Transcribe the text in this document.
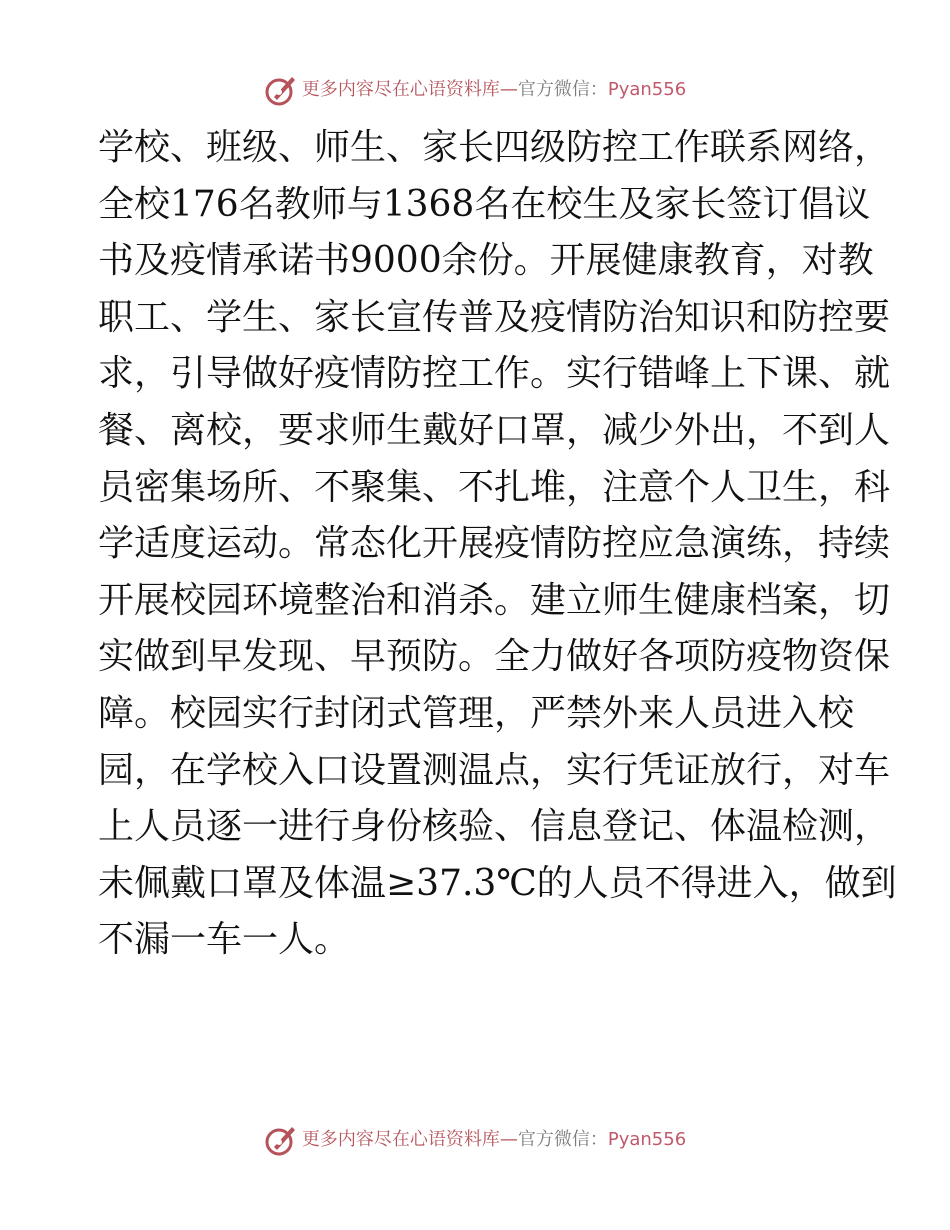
更多内容尽在心语资料库 — 官方微信： Pyan556
学校、班级、师生、家长四级防控工作联系网络，
全校176名教师与1368名在校生及家长签订倡议
书及疫情承诺书9000余份。开展健康教育，对教
职工、学生、家长宣传普及疫情防治知识和防控要
求，引导做好疫情防控工作。实行错峰上下课、就
餐、离校，要求师生戴好口罩，减少外出，不到人
员密集场所、不聚集、不扎堆，注意个人卫生，科
学适度运动。常态化开展疫情防控应急演练，持续
开展校园环境整治和消杀。建立师生健康档案，切
实做到早发现、早预防。全力做好各项防疫物资保
障。校园实行封闭式管理，严禁外来人员进入校
园，在学校入口设置测温点，实行凭证放行，对车
上人员逐一进行身份核验、信息登记、体温检测，
未佩戴口罩及体温≥37.3℃的人员不得进入，做到
不漏一车一人。
更多内容尽在心语资料库 — 官方微信： Pyan556
